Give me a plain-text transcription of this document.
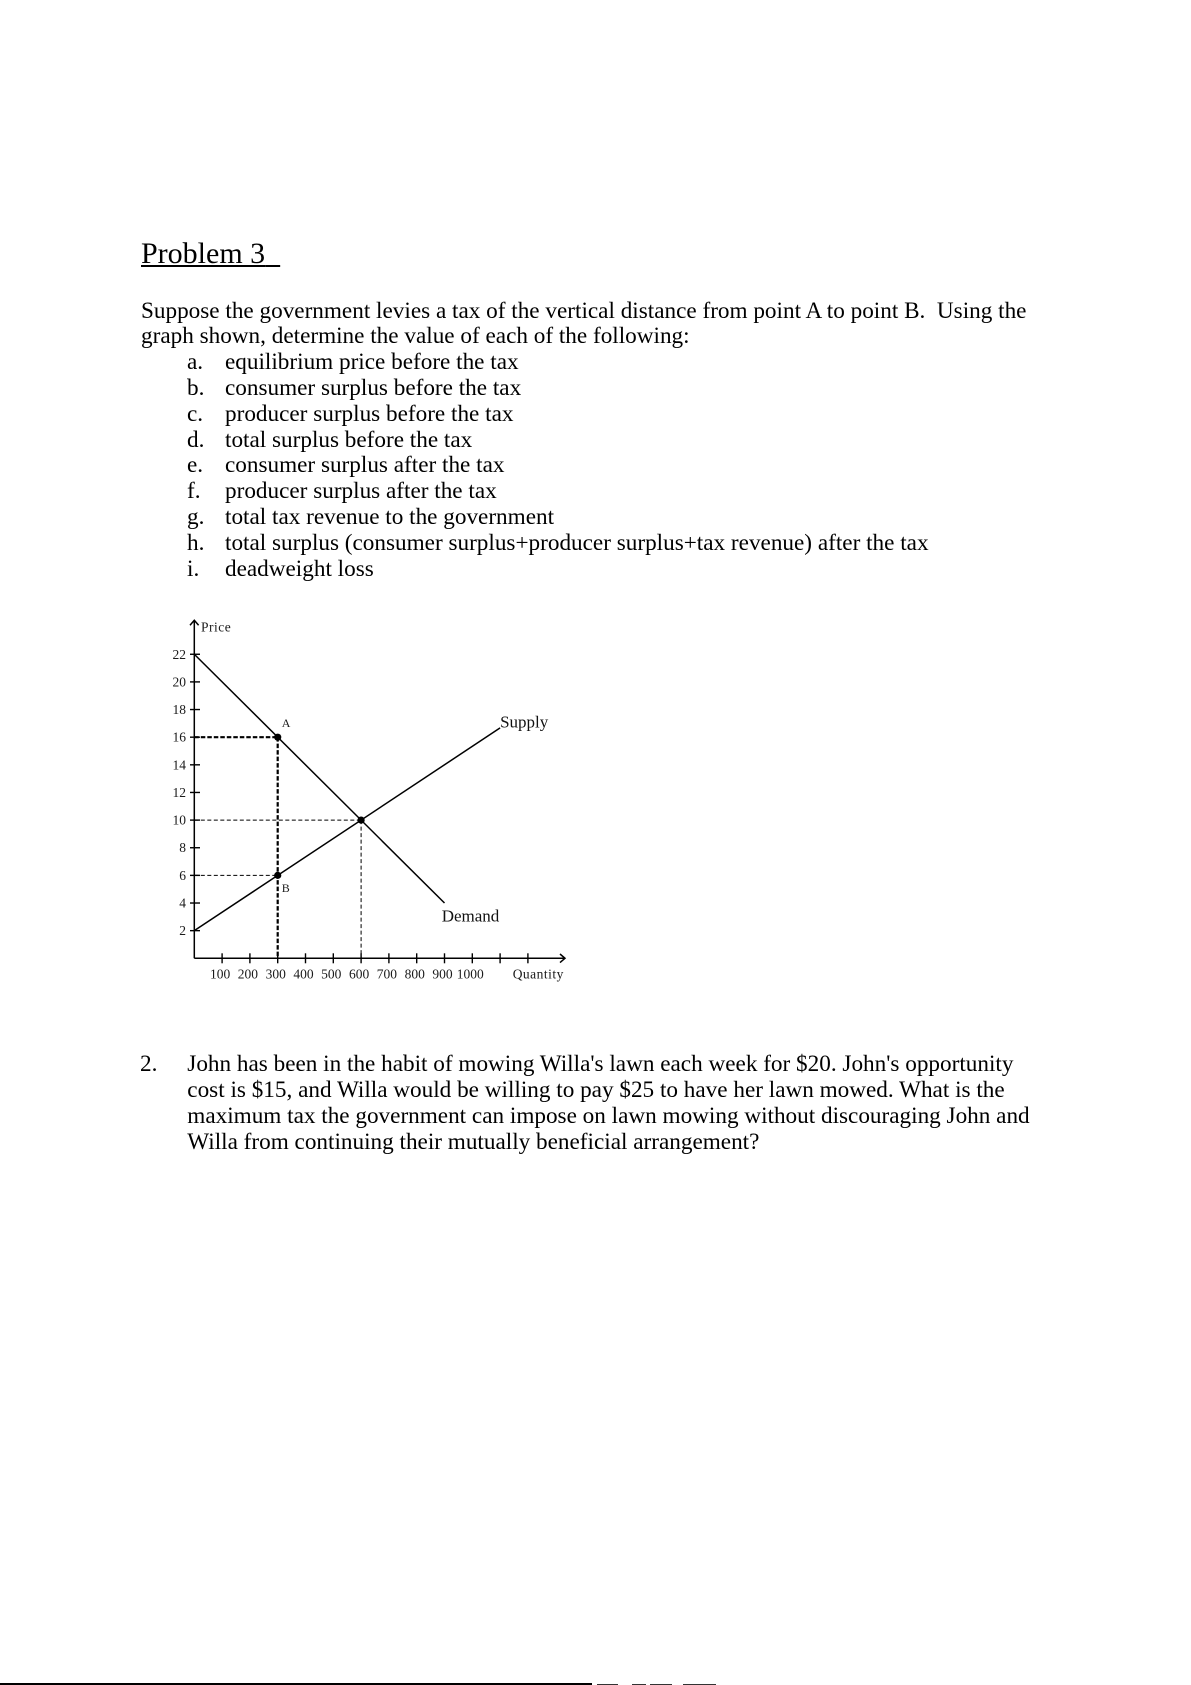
Problem 3
Suppose the government levies a tax of the vertical distance from point A to point B.  Using the
graph shown, determine the value of each of the following:
a. equilibrium price before the tax
b. consumer surplus before the tax
c. producer surplus before the tax
d. total surplus before the tax
e. consumer surplus after the tax
f. producer surplus after the tax
g. total tax revenue to the government
h. total surplus (consumer surplus+producer surplus+tax revenue) after the tax
i. deadweight loss
2
4
6
8
10
12
14
16
18
20
22
100 200 300 400 500 600 700 800 900 1000
Price
Quantity
A
B
Supply
Demand
2. John has been in the habit of mowing Willa's lawn each week for $20. John's opportunity
cost is $15, and Willa would be willing to pay $25 to have her lawn mowed. What is the
maximum tax the government can impose on lawn mowing without discouraging John and
Willa from continuing their mutually beneficial arrangement?
